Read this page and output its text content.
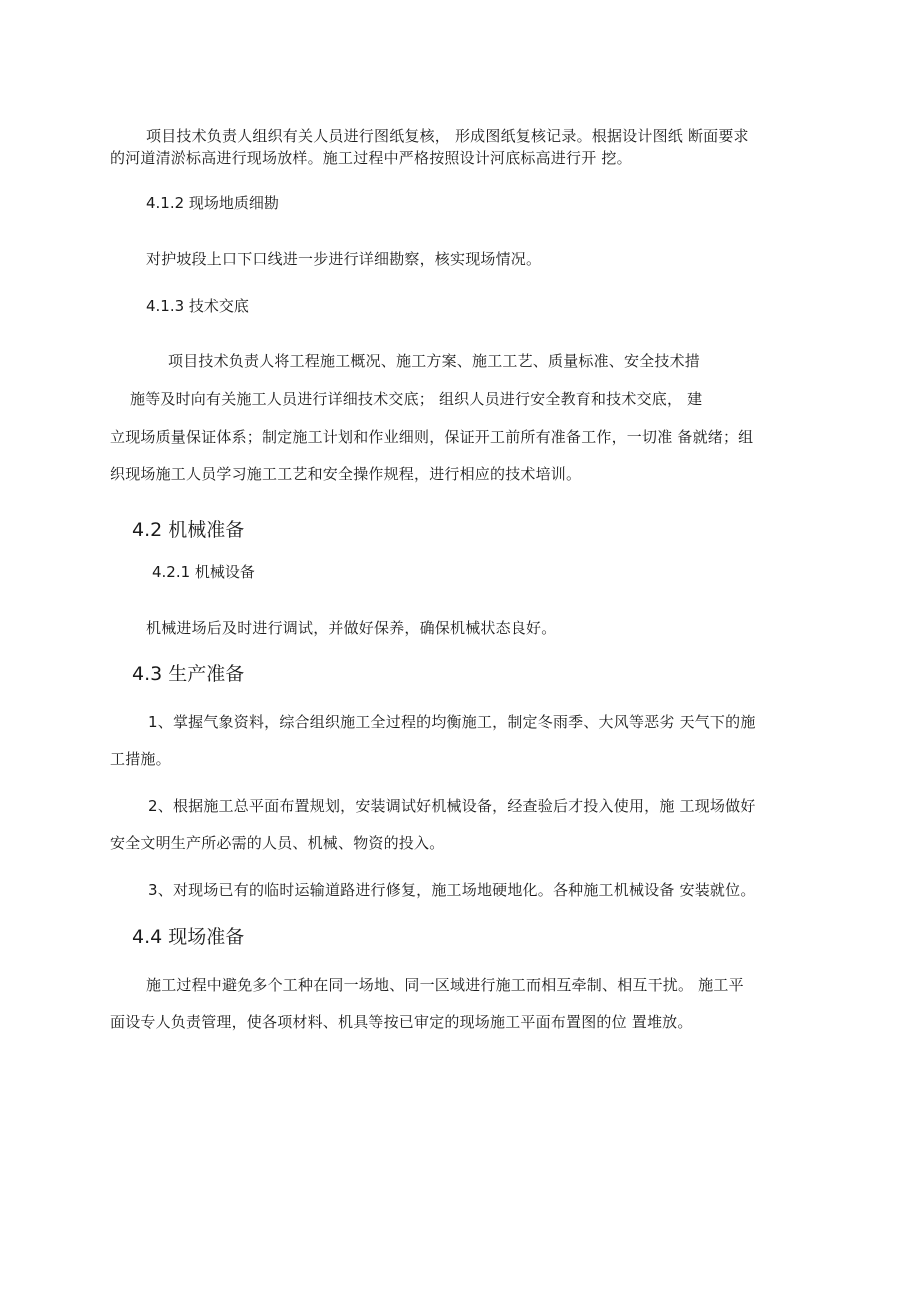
项目技术负责人组织有关人员进行图纸复核， 形成图纸复核记录。根据设计图纸 断面要求
的河道清淤标高进行现场放样。施工过程中严格按照设计河底标高进行开 挖。
4.1.2 现场地质细勘
对护坡段上口下口线进一步进行详细勘察，核实现场情况。
4.1.3 技术交底
项目技术负责人将工程施工概况、施工方案、施工工艺、质量标准、安全技术措
施等及时向有关施工人员进行详细技术交底； 组织人员进行安全教育和技术交底， 建
立现场质量保证体系；制定施工计划和作业细则，保证开工前所有准备工作，一切准 备就绪；组
织现场施工人员学习施工工艺和安全操作规程，进行相应的技术培训。
4.2 机械准备
4.2.1 机械设备
机械进场后及时进行调试，并做好保养，确保机械状态良好。
4.3 生产准备
1、掌握气象资料，综合组织施工全过程的均衡施工，制定冬雨季、大风等恶劣 天气下的施
工措施。
2、根据施工总平面布置规划，安装调试好机械设备，经查验后才投入使用，施 工现场做好
安全文明生产所必需的人员、机械、物资的投入。
3、对现场已有的临时运输道路进行修复，施工场地硬地化。各种施工机械设备 安装就位。
4.4 现场准备
施工过程中避免多个工种在同一场地、同一区域进行施工而相互牵制、相互干扰。 施工平
面设专人负责管理，使各项材料、机具等按已审定的现场施工平面布置图的位 置堆放。
